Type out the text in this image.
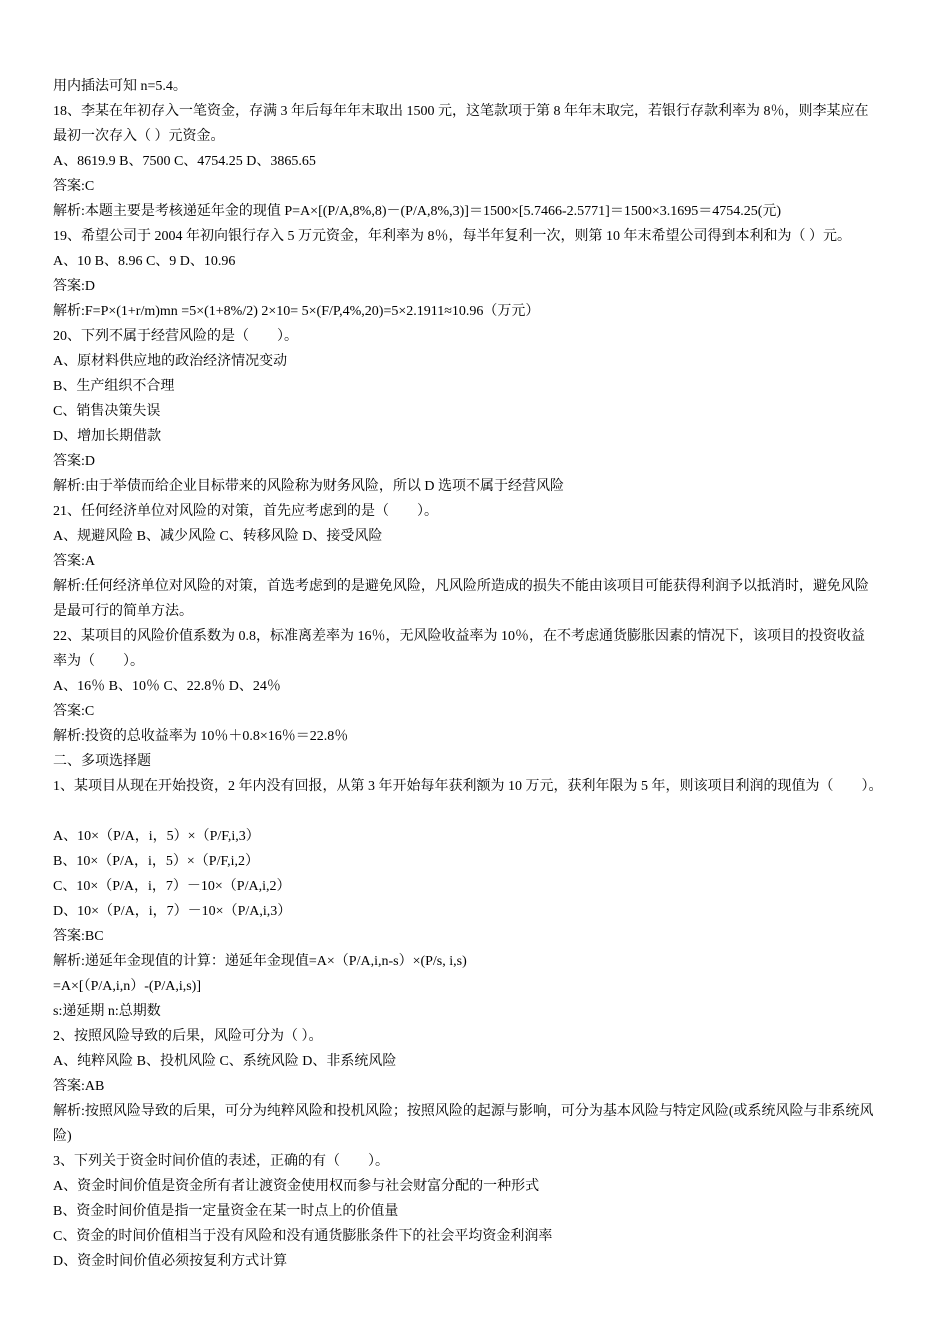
用内插法可知 n=5.4。
18、李某在年初存入一笔资金，存满 3 年后每年年末取出 1500 元，这笔款项于第 8 年年末取完，若银行存款利率为 8％，则李某应在
最初一次存入（ ）元资金。
A、8619.9 B、7500 C、4754.25 D、3865.65
答案:C
解析:本题主要是考核递延年金的现值 P=A×[(P/A,8%,8)－(P/A,8%,3)]＝1500×[5.7466-2.5771]＝1500×3.1695＝4754.25(元)
19、希望公司于 2004 年初向银行存入 5 万元资金，年利率为 8％，每半年复利一次，则第 10 年末希望公司得到本利和为（ ）元。
A、10 B、8.96 C、9 D、10.96
答案:D
解析:F=P×(1+r/m)mn =5×(1+8%/2) 2×10= 5×(F/P,4%,20)=5×2.1911≈10.96（万元）
20、下列不属于经营风险的是（　　）。
A、原材料供应地的政治经济情况变动
B、生产组织不合理
C、销售决策失误
D、增加长期借款
答案:D
解析:由于举债而给企业目标带来的风险称为财务风险，所以 D 选项不属于经营风险
21、任何经济单位对风险的对策，首先应考虑到的是（　　）。
A、规避风险 B、减少风险 C、转移风险 D、接受风险
答案:A
解析:任何经济单位对风险的对策，首选考虑到的是避免风险，凡风险所造成的损失不能由该项目可能获得利润予以抵消时，避免风险
是最可行的简单方法。
22、某项目的风险价值系数为 0.8，标准离差率为 16％，无风险收益率为 10％，在不考虑通货膨胀因素的情况下，该项目的投资收益
率为（　　）。
A、16％ B、10％ C、22.8％ D、24％
答案:C
解析:投资的总收益率为 10％＋0.8×16％＝22.8％
二、多项选择题
1、某项目从现在开始投资，2 年内没有回报，从第 3 年开始每年获利额为 10 万元，获利年限为 5 年，则该项目利润的现值为（　　）。
A、10×（P/A，i，5）×（P/F,i,3）
B、10×（P/A，i，5）×（P/F,i,2）
C、10×（P/A，i，7）－10×（P/A,i,2）
D、10×（P/A，i，7）－10×（P/A,i,3）
答案:BC
解析:递延年金现值的计算：递延年金现值=A×（P/A,i,n-s）×(P/s, i,s)
=A×[（P/A,i,n）-(P/A,i,s)]
s:递延期 n:总期数
2、按照风险导致的后果，风险可分为（ ）。
A、纯粹风险 B、投机风险 C、系统风险 D、非系统风险
答案:AB
解析:按照风险导致的后果，可分为纯粹风险和投机风险；按照风险的起源与影响，可分为基本风险与特定风险(或系统风险与非系统风
险)
3、下列关于资金时间价值的表述，正确的有（　　）。
A、资金时间价值是资金所有者让渡资金使用权而参与社会财富分配的一种形式
B、资金时间价值是指一定量资金在某一时点上的价值量
C、资金的时间价值相当于没有风险和没有通货膨胀条件下的社会平均资金利润率
D、资金时间价值必须按复利方式计算
